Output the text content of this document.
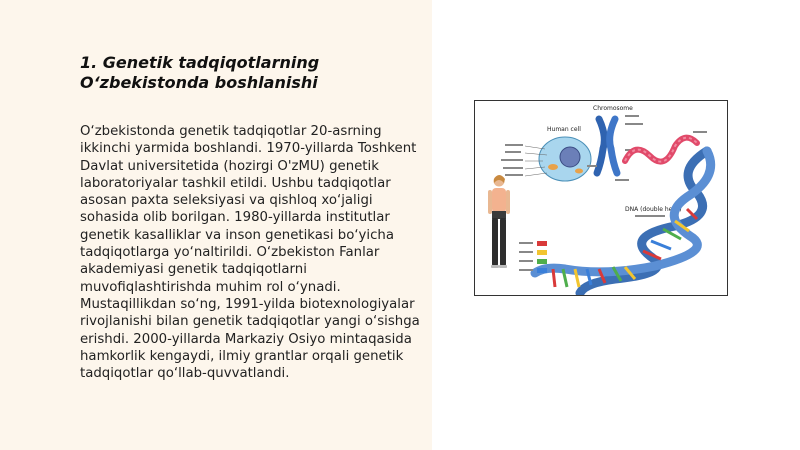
1. Genetik tadqiqotlarning O‘zbekistonda boshlanishi

O‘zbekistonda genetik tadqiqotlar 20-asrning ikkinchi yarmida boshlandi. 1970-yillarda Toshkent Davlat universitetida (hozirgi O'zMU) genetik laboratoriyalar tashkil etildi. Ushbu tadqiqotlar asosan paxta seleksiyasi va qishloq xo‘jaligi sohasida olib borilgan. 1980-yillarda institutlar genetik kasalliklar va inson genetikasi bo‘yicha tadqiqotlarga yo‘naltirildi. O‘zbekiston Fanlar akademiyasi genetik tadqiqotlarni muvofiqlashtirishda muhim rol o‘ynadi. Mustaqillikdan so‘ng, 1991-yilda biotexnologiyalar rivojlanishi bilan genetik tadqiqotlar yangi o‘sishga erishdi. 2000-yillarda Markaziy Osiyo mintaqasida hamkorlik kengaydi, ilmiy grantlar orqali genetik tadqiqotlar qo‘llab-quvvatlandi.

Chromosome
Human cell
DNA (double helix)
